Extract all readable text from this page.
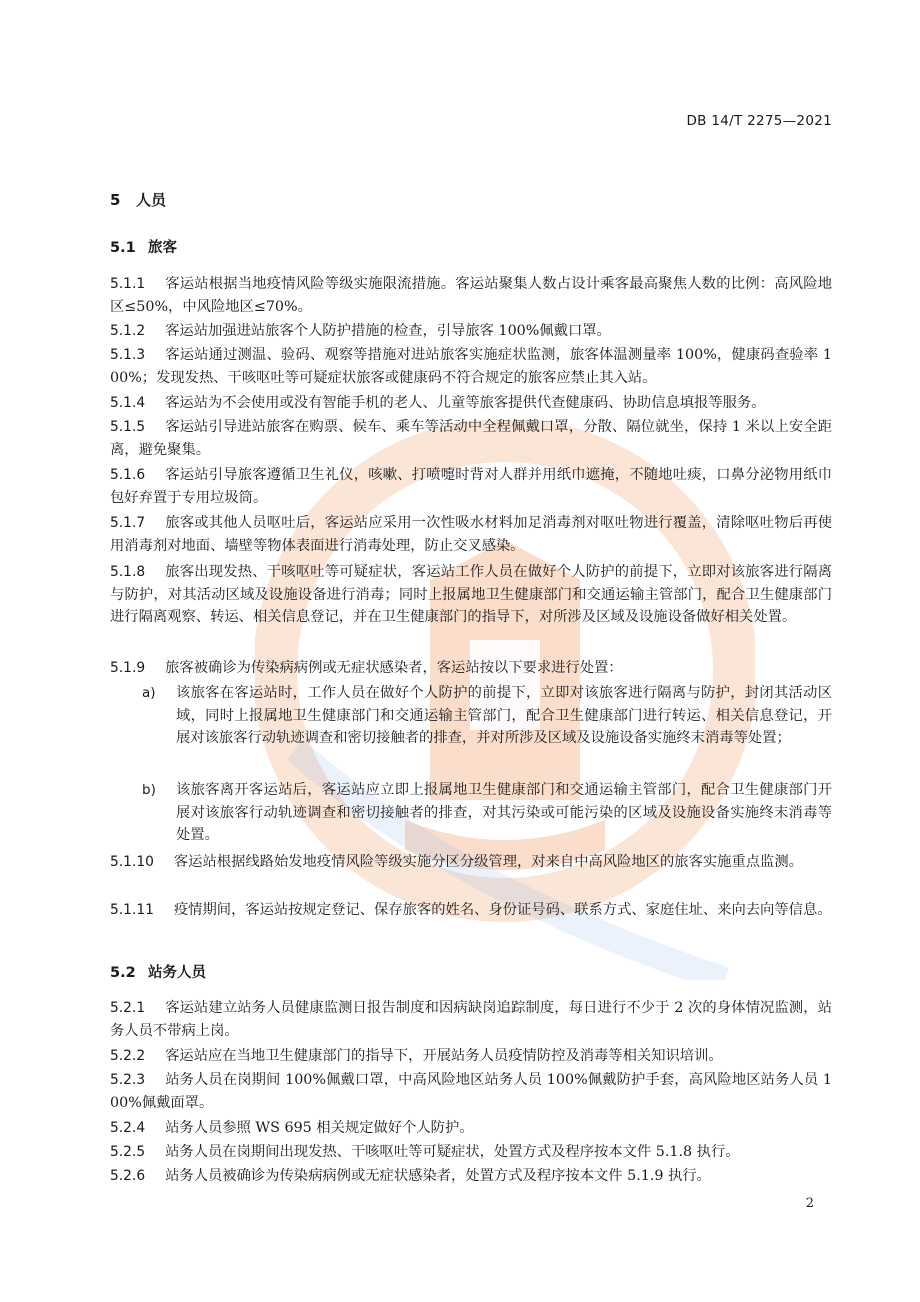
DB 14/T 2275—2021
5 人员
5.1 旅客
5.1.1 客运站根据当地疫情风险等级实施限流措施。客运站聚集人数占设计乘客最高聚焦人数的比例：高风险地区≤50%，中风险地区≤70%。
5.1.2 客运站加强进站旅客个人防护措施的检查，引导旅客 100%佩戴口罩。
5.1.3 客运站通过测温、验码、观察等措施对进站旅客实施症状监测，旅客体温测量率 100%，健康码查验率 100%；发现发热、干咳呕吐等可疑症状旅客或健康码不符合规定的旅客应禁止其入站。
5.1.4 客运站为不会使用或没有智能手机的老人、儿童等旅客提供代查健康码、协助信息填报等服务。
5.1.5 客运站引导进站旅客在购票、候车、乘车等活动中全程佩戴口罩，分散、隔位就坐，保持 1 米以上安全距离，避免聚集。
5.1.6 客运站引导旅客遵循卫生礼仪，咳嗽、打喷嚏时背对人群并用纸巾遮掩，不随地吐痰，口鼻分泌物用纸巾包好弃置于专用垃圾筒。
5.1.7 旅客或其他人员呕吐后，客运站应采用一次性吸水材料加足消毒剂对呕吐物进行覆盖，清除呕吐物后再使用消毒剂对地面、墙壁等物体表面进行消毒处理，防止交叉感染。
5.1.8 旅客出现发热、干咳呕吐等可疑症状，客运站工作人员在做好个人防护的前提下，立即对该旅客进行隔离与防护，对其活动区域及设施设备进行消毒；同时上报属地卫生健康部门和交通运输主管部门，配合卫生健康部门进行隔离观察、转运、相关信息登记，并在卫生健康部门的指导下，对所涉及区域及设施设备做好相关处置。
5.1.9 旅客被确诊为传染病病例或无症状感染者，客运站按以下要求进行处置：
a) 该旅客在客运站时，工作人员在做好个人防护的前提下，立即对该旅客进行隔离与防护，封闭其活动区域，同时上报属地卫生健康部门和交通运输主管部门，配合卫生健康部门进行转运、相关信息登记，开展对该旅客行动轨迹调查和密切接触者的排查，并对所涉及区域及设施设备实施终末消毒等处置；
b) 该旅客离开客运站后，客运站应立即上报属地卫生健康部门和交通运输主管部门，配合卫生健康部门开展对该旅客行动轨迹调查和密切接触者的排查，对其污染或可能污染的区域及设施设备实施终末消毒等处置。
5.1.10 客运站根据线路始发地疫情风险等级实施分区分级管理，对来自中高风险地区的旅客实施重点监测。
5.1.11 疫情期间，客运站按规定登记、保存旅客的姓名、身份证号码、联系方式、家庭住址、来向去向等信息。
5.2 站务人员
5.2.1 客运站建立站务人员健康监测日报告制度和因病缺岗追踪制度，每日进行不少于 2 次的身体情况监测，站务人员不带病上岗。
5.2.2 客运站应在当地卫生健康部门的指导下，开展站务人员疫情防控及消毒等相关知识培训。
5.2.3 站务人员在岗期间 100%佩戴口罩，中高风险地区站务人员 100%佩戴防护手套，高风险地区站务人员 100%佩戴面罩。
5.2.4 站务人员参照 WS 695 相关规定做好个人防护。
5.2.5 站务人员在岗期间出现发热、干咳呕吐等可疑症状，处置方式及程序按本文件 5.1.8 执行。
5.2.6 站务人员被确诊为传染病病例或无症状感染者，处置方式及程序按本文件 5.1.9 执行。
2
